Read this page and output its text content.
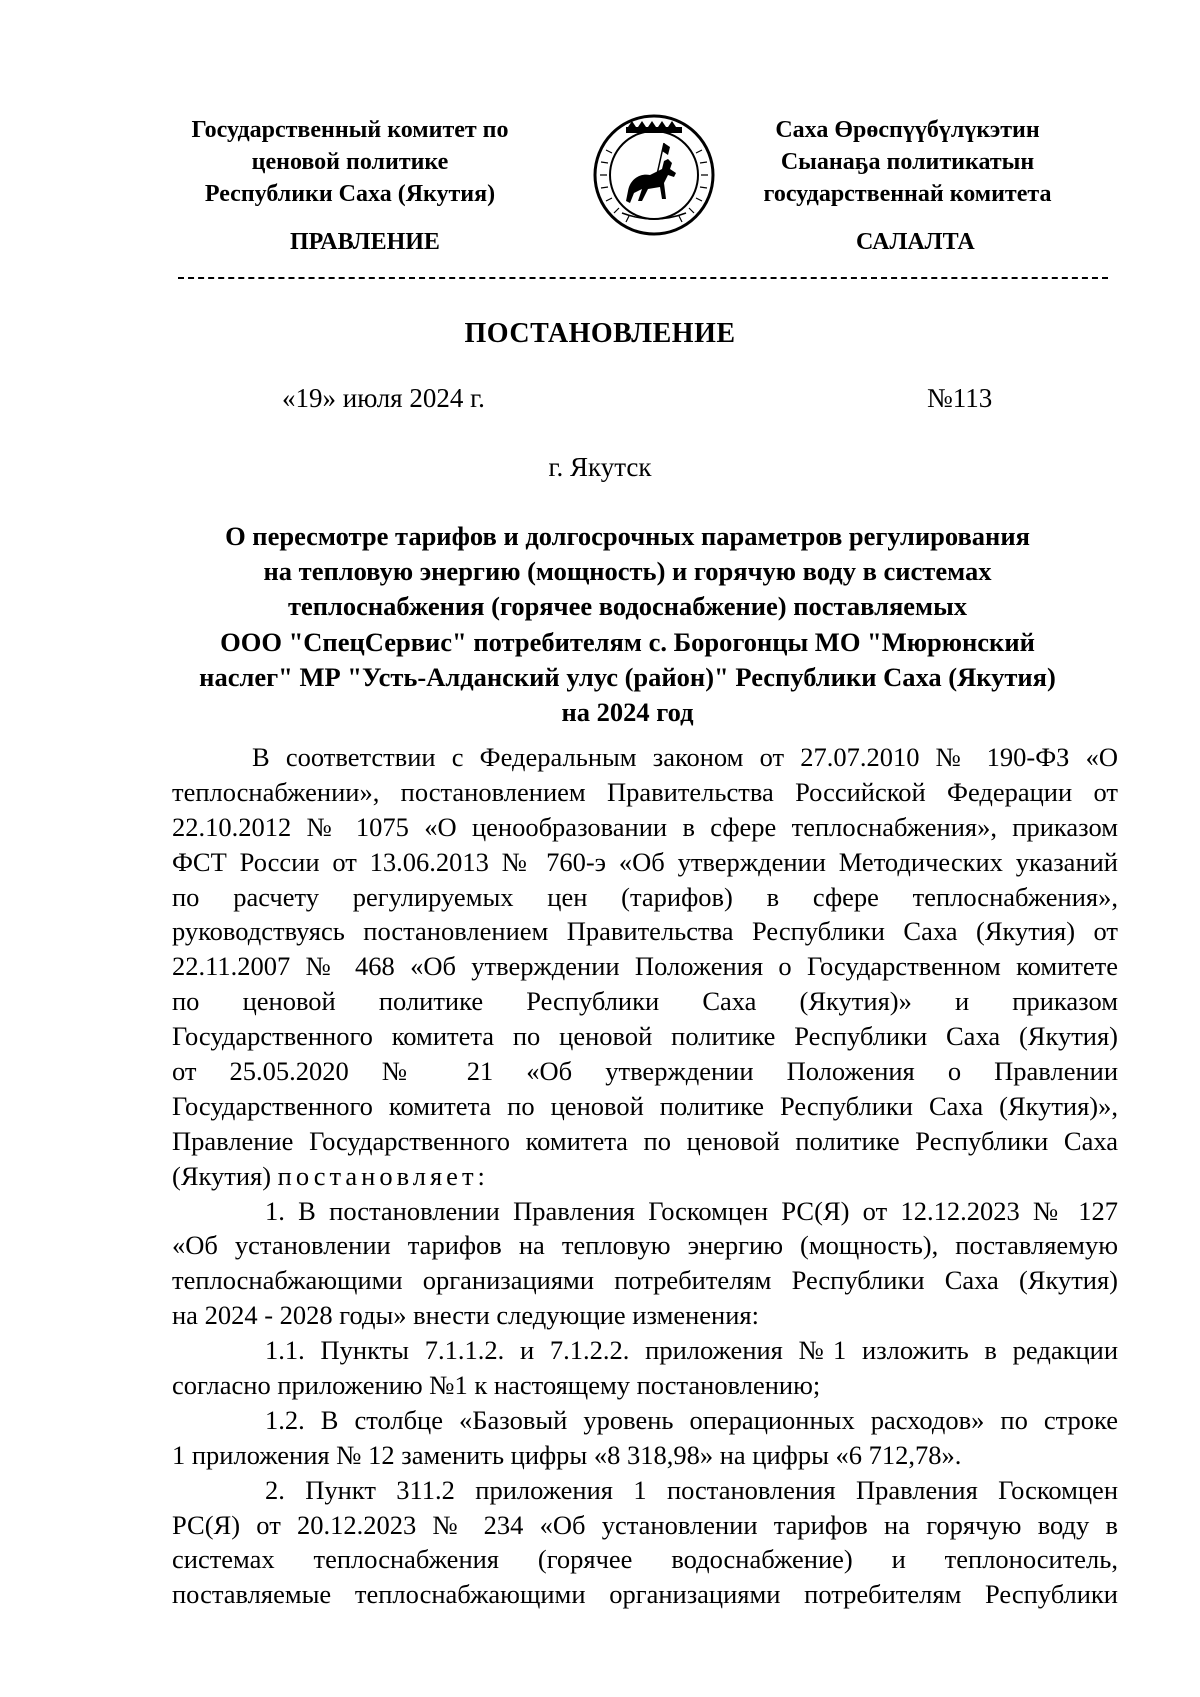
Государственный комитет по
ценовой политике
Республики Саха (Якутия)
Саха Өрөспүүбүлүкэтин
Сыанаҕа политикатын
государственнай комитета
ПРАВЛЕНИЕ	САЛАЛТА
ПОСТАНОВЛЕНИЕ
«19» июля 2024 г.	№113
г. Якутск
О пересмотре тарифов и долгосрочных параметров регулирования
на тепловую энергию (мощность) и горячую воду в системах
теплоснабжения (горячее водоснабжение) поставляемых
ООО "СпецСервис" потребителям с. Борогонцы МО "Мюрюнский
наслег" МР "Усть-Алданский улус (район)" Республики Саха (Якутия)
на 2024 год
В соответствии с Федеральным законом от 27.07.2010 № 190-ФЗ «О
теплоснабжении», постановлением Правительства Российской Федерации от
22.10.2012 № 1075 «О ценообразовании в сфере теплоснабжения», приказом
ФСТ России от 13.06.2013 № 760-э «Об утверждении Методических указаний
по расчету регулируемых цен (тарифов) в сфере теплоснабжения»,
руководствуясь постановлением Правительства Республики Саха (Якутия) от
22.11.2007 № 468 «Об утверждении Положения о Государственном комитете
по ценовой политике Республики Саха (Якутия)» и приказом
Государственного комитета по ценовой политике Республики Саха (Якутия)
от 25.05.2020 № 21 «Об утверждении Положения о Правлении
Государственного комитета по ценовой политике Республики Саха (Якутия)»,
Правление Государственного комитета по ценовой политике Республики Саха
(Якутия) постановляет:
1. В постановлении Правления Госкомцен РС(Я) от 12.12.2023 № 127
«Об установлении тарифов на тепловую энергию (мощность), поставляемую
теплоснабжающими организациями потребителям Республики Саха (Якутия)
на 2024 - 2028 годы» внести следующие изменения:
1.1. Пункты 7.1.1.2. и 7.1.2.2. приложения №1 изложить в редакции
согласно приложению №1 к настоящему постановлению;
1.2. В столбце «Базовый уровень операционных расходов» по строке
1 приложения № 12 заменить цифры «8 318,98» на цифры «6 712,78».
2. Пункт 311.2 приложения 1 постановления Правления Госкомцен
РС(Я) от 20.12.2023 № 234 «Об установлении тарифов на горячую воду в
системах теплоснабжения (горячее водоснабжение) и теплоноситель,
поставляемые теплоснабжающими организациями потребителям Республики
